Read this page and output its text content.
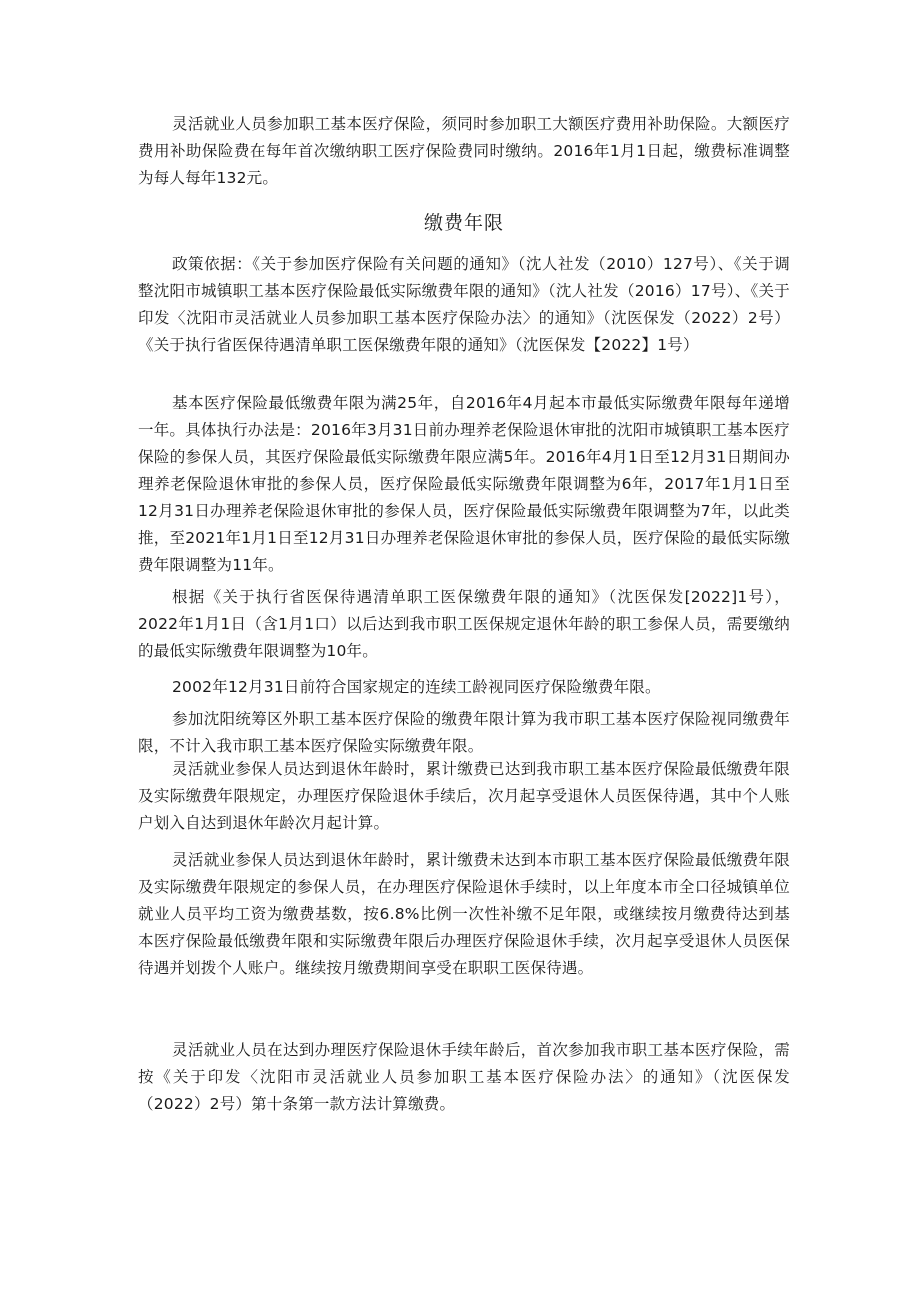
灵活就业人员参加职工基本医疗保险，须同时参加职工大额医疗费用补助保险。大额医疗费用补助保险费在每年首次缴纳职工医疗保险费同时缴纳。2016年1月1日起，缴费标准调整为每人每年132元。

缴费年限

政策依据：《关于参加医疗保险有关问题的通知》（沈人社发（2010）127号）、《关于调整沈阳市城镇职工基本医疗保险最低实际缴费年限的通知》（沈人社发（2016）17号）、《关于印发〈沈阳市灵活就业人员参加职工基本医疗保险办法〉的通知》（沈医保发（2022）2号）《关于执行省医保待遇清单职工医保缴费年限的通知》（沈医保发【2022】1号）

基本医疗保险最低缴费年限为满25年，自2016年4月起本市最低实际缴费年限每年递增一年。具体执行办法是：2016年3月31日前办理养老保险退休审批的沈阳市城镇职工基本医疗保险的参保人员，其医疗保险最低实际缴费年限应满5年。2016年4月1日至12月31日期间办理养老保险退休审批的参保人员，医疗保险最低实际缴费年限调整为6年，2017年1月1日至12月31日办理养老保险退休审批的参保人员，医疗保险最低实际缴费年限调整为7年，以此类推，至2021年1月1日至12月31日办理养老保险退休审批的参保人员，医疗保险的最低实际缴费年限调整为11年。

根据《关于执行省医保待遇清单职工医保缴费年限的通知》（沈医保发[2022]1号），2022年1月1日（含1月1口）以后达到我市职工医保规定退休年龄的职工参保人员，需要缴纳的最低实际缴费年限调整为10年。

2002年12月31日前符合国家规定的连续工龄视同医疗保险缴费年限。

参加沈阳统筹区外职工基本医疗保险的缴费年限计算为我市职工基本医疗保险视同缴费年限，不计入我市职工基本医疗保险实际缴费年限。

灵活就业参保人员达到退休年龄时，累计缴费已达到我市职工基本医疗保险最低缴费年限及实际缴费年限规定，办理医疗保险退休手续后，次月起享受退休人员医保待遇，其中个人账户划入自达到退休年龄次月起计算。

灵活就业参保人员达到退休年龄时，累计缴费未达到本市职工基本医疗保险最低缴费年限及实际缴费年限规定的参保人员，在办理医疗保险退休手续时，以上年度本市全口径城镇单位就业人员平均工资为缴费基数，按6.8%比例一次性补缴不足年限，或继续按月缴费待达到基本医疗保险最低缴费年限和实际缴费年限后办理医疗保险退休手续，次月起享受退休人员医保待遇并划拨个人账户。继续按月缴费期间享受在职职工医保待遇。

灵活就业人员在达到办理医疗保险退休手续年龄后，首次参加我市职工基本医疗保险，需按《关于印发〈沈阳市灵活就业人员参加职工基本医疗保险办法〉的通知》（沈医保发（2022）2号）第十条第一款方法计算缴费。
